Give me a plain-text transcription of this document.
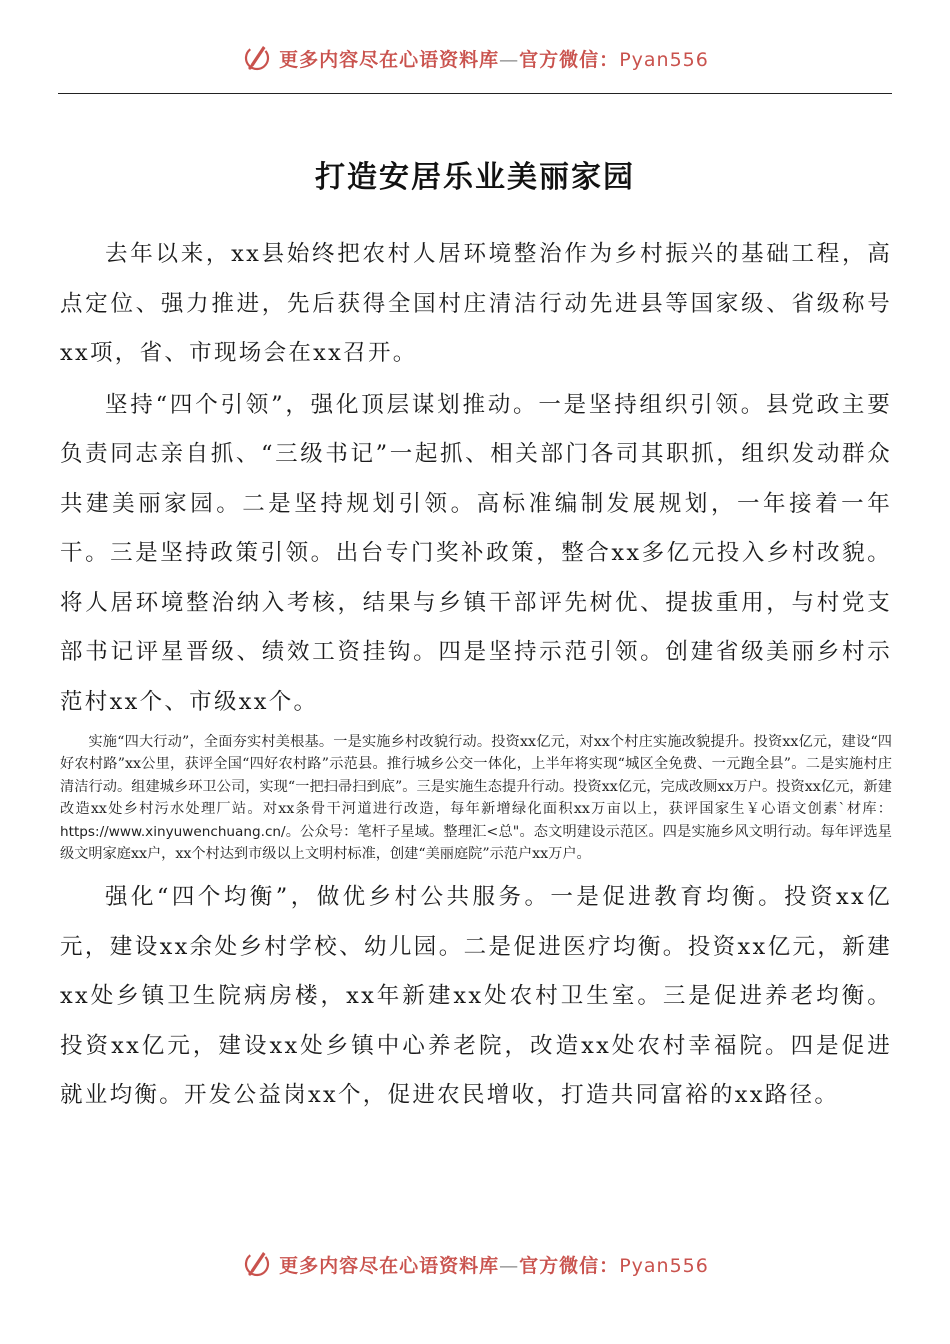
更多内容尽在心语资料库—官方微信：Pyan556
打造安居乐业美丽家园

去年以来，xx县始终把农村人居环境整治作为乡村振兴的基础工程，高点定位、强力推进，先后获得全国村庄清洁行动先进县等国家级、省级称号xx项，省、市现场会在xx召开。

坚持“四个引领”，强化顶层谋划推动。一是坚持组织引领。县党政主要负责同志亲自抓、“三级书记”一起抓、相关部门各司其职抓，组织发动群众共建美丽家园。二是坚持规划引领。高标准编制发展规划，一年接着一年干。三是坚持政策引领。出台专门奖补政策，整合xx多亿元投入乡村改貌。将人居环境整治纳入考核，结果与乡镇干部评先树优、提拔重用，与村党支部书记评星晋级、绩效工资挂钩。四是坚持示范引领。创建省级美丽乡村示范村xx个、市级xx个。

实施“四大行动”，全面夯实村美根基。一是实施乡村改貌行动。投资xx亿元，对xx个村庄实施改貌提升。投资xx亿元，建设“四好农村路”xx公里，获评全国“四好农村路”示范县。推行城乡公交一体化，上半年将实现“城区全免费、一元跑全县”。二是实施村庄清洁行动。组建城乡环卫公司，实现“一把扫帚扫到底”。三是实施生态提升行动。投资xx亿元，完成改厕xx万户。投资xx亿元，新建改造xx处乡村污水处理厂站。对xx条骨干河道进行改造，每年新增绿化面积xx万亩以上，获评国家生￥心语文创素`材库：https://www.xinyuwenchuang.cn/。公众号：笔杆子星域。整理汇<总"。态文明建设示范区。四是实施乡风文明行动。每年评选星级文明家庭xx户，xx个村达到市级以上文明村标准，创建“美丽庭院”示范户xx万户。

强化“四个均衡”，做优乡村公共服务。一是促进教育均衡。投资xx亿元，建设xx余处乡村学校、幼儿园。二是促进医疗均衡。投资xx亿元，新建xx处乡镇卫生院病房楼，xx年新建xx处农村卫生室。三是促进养老均衡。投资xx亿元，建设xx处乡镇中心养老院，改造xx处农村幸福院。四是促进就业均衡。开发公益岗xx个，促进农民增收，打造共同富裕的xx路径。

更多内容尽在心语资料库—官方微信：Pyan556
